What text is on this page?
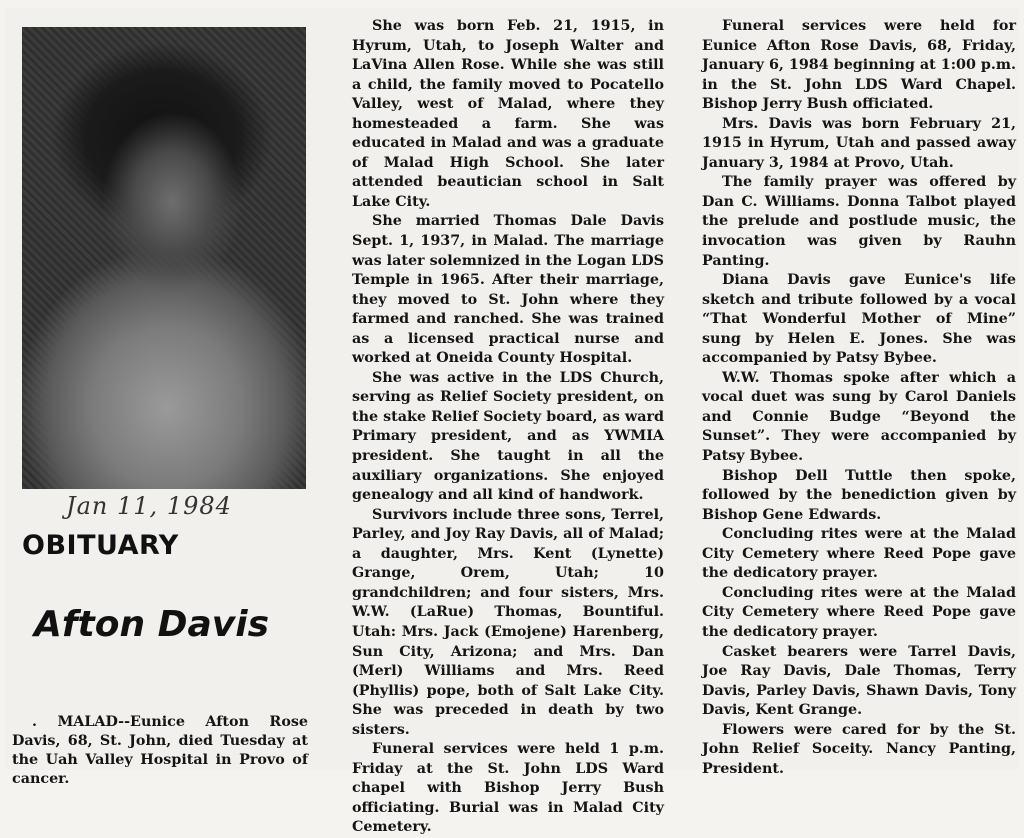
Jan 11, 1984
OBITUARY
Afton Davis

. MALAD--Eunice Afton Rose Davis, 68, St. John, died Tuesday at the Uah Valley Hospital in Provo of cancer.

She was born Feb. 21, 1915, in Hyrum, Utah, to Joseph Walter and LaVina Allen Rose. While she was still a child, the family moved to Pocatello Valley, west of Malad, where they homesteaded a farm. She was educated in Malad and was a graduate of Malad High School. She later attended beautician school in Salt Lake City.

She married Thomas Dale Davis Sept. 1, 1937, in Malad. The marriage was later solemnized in the Logan LDS Temple in 1965. After their marriage, they moved to St. John where they farmed and ranched. She was trained as a licensed practical nurse and worked at Oneida County Hospital.

She was active in the LDS Church, serving as Relief Society president, on the stake Relief Society board, as ward Primary president, and as YWMIA president. She taught in all the auxiliary organizations. She enjoyed genealogy and all kind of handwork.

Survivors include three sons, Terrel, Parley, and Joy Ray Davis, all of Malad; a daughter, Mrs. Kent (Lynette) Grange, Orem, Utah; 10 grandchildren; and four sisters, Mrs. W.W. (LaRue) Thomas, Bountiful. Utah: Mrs. Jack (Emojene) Harenberg, Sun City, Arizona; and Mrs. Dan (Merl) Williams and Mrs. Reed (Phyllis) pope, both of Salt Lake City. She was preceded in death by two sisters.

Funeral services were held 1 p.m. Friday at the St. John LDS Ward chapel with Bishop Jerry Bush officiating. Burial was in Malad City Cemetery.

Funeral services were held for Eunice Afton Rose Davis, 68, Friday, January 6, 1984 beginning at 1:00 p.m. in the St. John LDS Ward Chapel. Bishop Jerry Bush officiated.

Mrs. Davis was born February 21, 1915 in Hyrum, Utah and passed away January 3, 1984 at Provo, Utah.

The family prayer was offered by Dan C. Williams. Donna Talbot played the prelude and postlude music, the invocation was given by Rauhn Panting.

Diana Davis gave Eunice's life sketch and tribute followed by a vocal “That Wonderful Mother of Mine” sung by Helen E. Jones. She was accompanied by Patsy Bybee.

W.W. Thomas spoke after which a vocal duet was sung by Carol Daniels and Connie Budge “Beyond the Sunset”. They were accompanied by Patsy Bybee.

Bishop Dell Tuttle then spoke, followed by the benediction given by Bishop Gene Edwards.

Concluding rites were at the Malad City Cemetery where Reed Pope gave the dedicatory prayer.

Concluding rites were at the Malad City Cemetery where Reed Pope gave the dedicatory prayer.

Casket bearers were Tarrel Davis, Joe Ray Davis, Dale Thomas, Terry Davis, Parley Davis, Shawn Davis, Tony Davis, Kent Grange.

Flowers were cared for by the St. John Relief Soceity. Nancy Panting, President.
